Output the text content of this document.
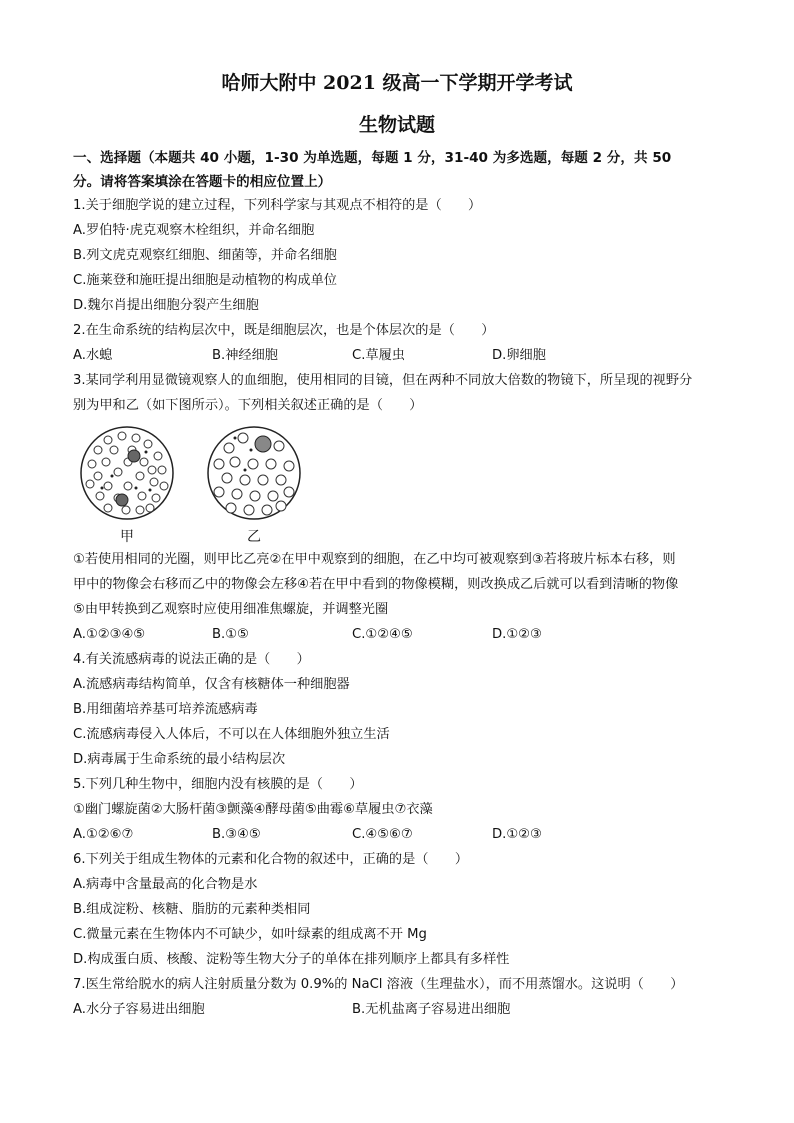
哈师大附中 2021 级高一下学期开学考试
生物试题
一、选择题（本题共 40 小题，1-30 为单选题，每题 1 分，31-40 为多选题，每题 2 分，共 50
分。请将答案填涂在答题卡的相应位置上）
1.关于细胞学说的建立过程，下列科学家与其观点不相符的是（　　）
A.罗伯特·虎克观察木栓组织，并命名细胞
B.列文虎克观察红细胞、细菌等，并命名细胞
C.施莱登和施旺提出细胞是动植物的构成单位
D.魏尔肖提出细胞分裂产生细胞
2.在生命系统的结构层次中，既是细胞层次，也是个体层次的是（　　）
A.水螅	B.神经细胞	C.草履虫	D.卵细胞
3.某同学利用显微镜观察人的血细胞，使用相同的目镜，但在两种不同放大倍数的物镜下，所呈现的视野分
别为甲和乙（如下图所示）。下列相关叙述正确的是（　　）
甲	乙
①若使用相同的光圈，则甲比乙亮②在甲中观察到的细胞，在乙中均可被观察到③若将玻片标本右移，则
甲中的物像会右移而乙中的物像会左移④若在甲中看到的物像模糊，则改换成乙后就可以看到清晰的物像
⑤由甲转换到乙观察时应使用细准焦螺旋，并调整光圈
A.①②③④⑤	B.①⑤	C.①②④⑤	D.①②③
4.有关流感病毒的说法正确的是（　　）
A.流感病毒结构简单，仅含有核糖体一种细胞器
B.用细菌培养基可培养流感病毒
C.流感病毒侵入人体后，不可以在人体细胞外独立生活
D.病毒属于生命系统的最小结构层次
5.下列几种生物中，细胞内没有核膜的是（　　）
①幽门螺旋菌②大肠杆菌③颤藻④酵母菌⑤曲霉⑥草履虫⑦衣藻
A.①②⑥⑦	B.③④⑤	C.④⑤⑥⑦	D.①②③
6.下列关于组成生物体的元素和化合物的叙述中，正确的是（　　）
A.病毒中含量最高的化合物是水
B.组成淀粉、核糖、脂肪的元素种类相同
C.微量元素在生物体内不可缺少，如叶绿素的组成离不开 Mg
D.构成蛋白质、核酸、淀粉等生物大分子的单体在排列顺序上都具有多样性
7.医生常给脱水的病人注射质量分数为 0.9%的 NaCl 溶液（生理盐水），而不用蒸馏水。这说明（　　）
A.水分子容易进出细胞	B.无机盐离子容易进出细胞
